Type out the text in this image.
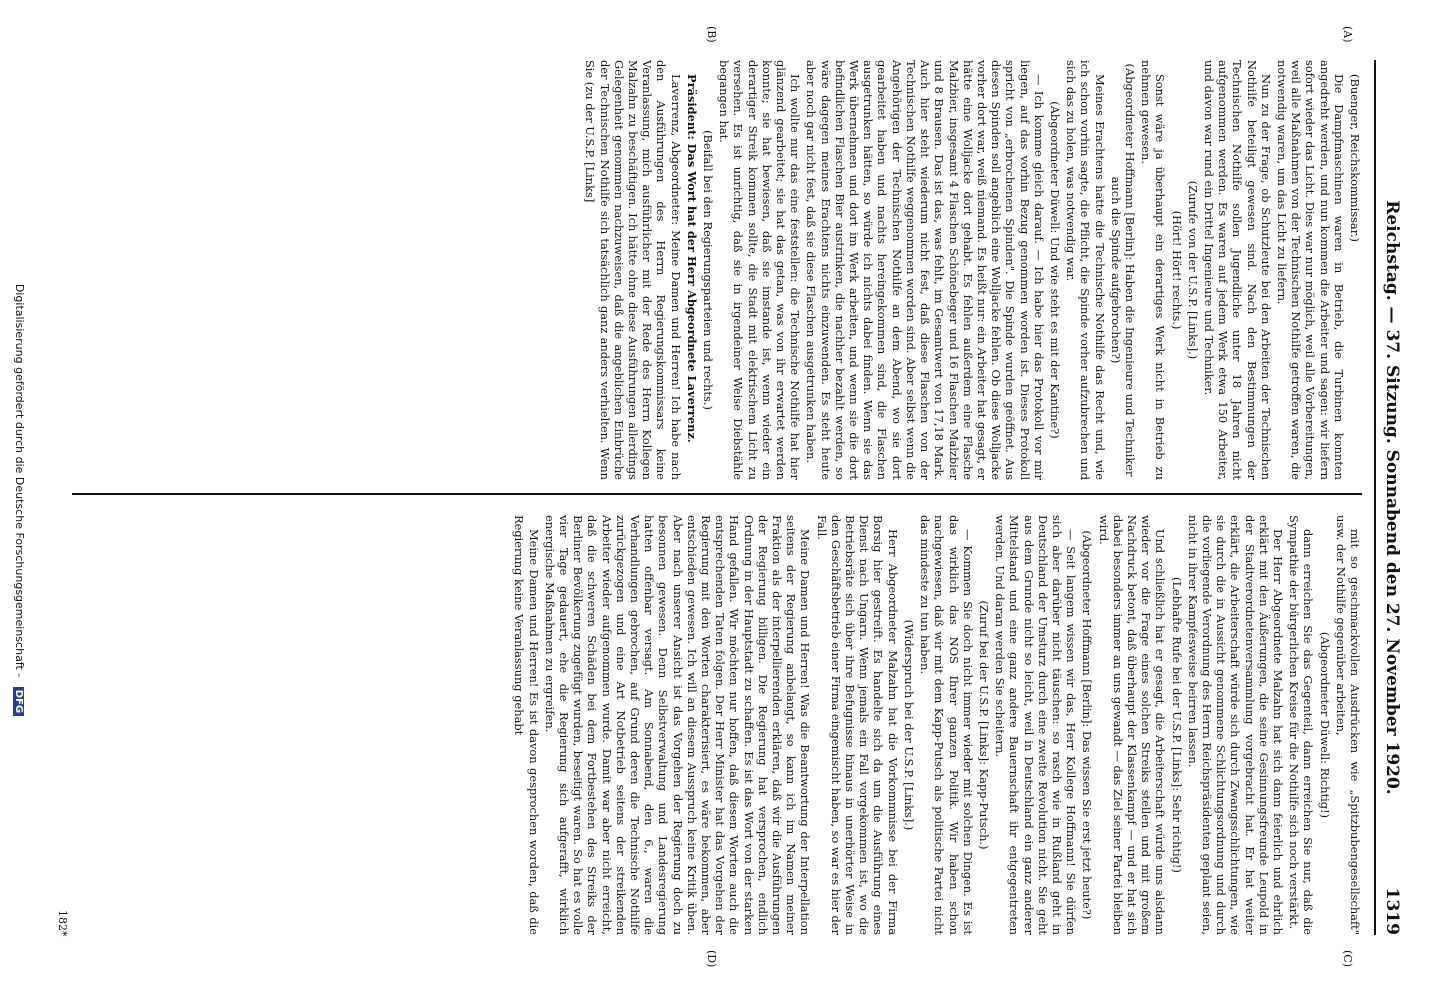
Reichstag. — 37. Sitzung. Sonnabend den 27. November 1920.
1319
(A)
(B)
(C)
(D)

(Buenger, Reichskommissar.)

Die Dampfmaschinen waren in Betrieb, die Turbinen konnten angedreht werden, und nun kommen die Arbeiter und sagen: wir liefern sofort wieder das Licht. Dies war nur möglich, weil alle Vorbereitungen, weil alle Maßnahmen von der Technischen Nothilfe getroffen waren, die notwendig waren, um das Licht zu liefern.

Nun zu der Frage, ob Schutzleute bei den Arbeiten der Technischen Nothilfe beteiligt gewesen sind. Nach den Bestimmungen der Technischen Nothilfe sollen Jugendliche unter 18 Jahren nicht aufgenommen werden. Es waren auf jedem Werk etwa 150 Arbeiter, und davon war rund ein Drittel Ingenieure und Techniker.

(Zurufe von der U.S.P. [Links].)

(Hört! Hört! rechts.)

Sonst wäre ja überhaupt ein derartiges Werk nicht in Betrieb zu nehmen gewesen.

(Abgeordneter Hoffmann [Berlin]: Haben die Ingenieure und Techniker auch die Spinde aufgebrochen?)

Meines Erachtens hatte die Technische Nothilfe das Recht und, wie ich schon vorhin sagte, die Pflicht, die Spinde vorher aufzubrechen und sich das zu holen, was notwendig war.

(Abgeordneter Düwell: Und wie steht es mit der Kantine?)

— Ich komme gleich darauf. — Ich habe hier das Protokoll vor mir liegen, auf das vorhin Bezug genommen worden ist. Dieses Protokoll spricht von „erbrochenen Spinden". Die Spinde wurden geöffnet. Aus diesen Spinden soll angeblich eine Wolljacke fehlen. Ob diese Wolljacke vorher dort war, weiß niemand. Es heißt nur: ein Arbeiter hat gesagt, er hätte eine Wolljacke dort gehabt. Es fehlen außerdem eine Flasche Malzbier, insgesamt 4 Flaschen Schönebeger und 16 Flaschen Malzbier und 8 Brausen. Das ist das, was fehlt, im Gesamtwert von 17,18 Mark. Auch hier steht wiederum nicht fest, daß diese Flaschen von der Technischen Nothilfe weggenommen worden sind. Aber selbst wenn die Angehörigen der Technischen Nothilfe an dem Abend, wo sie dort gearbeitet haben und nachts hereingekommen sind, die Flaschen ausgetrunken hätten, so würde ich nichts dabei finden. Wenn sie das Werk übernehmen und dort im Werk arbeiten, und wenn sie die dort befindlichen Flaschen Bier austrinken, die nachher bezahlt werden, so wäre dagegen meines Erachtens nichts einzuwenden. Es steht heute aber noch gar nicht fest, daß sie diese Flaschen ausgetrunken haben.

Ich wollte nur das eine feststellen: die Technische Nothilfe hat hier glänzend gearbeitet; sie hat das getan, was von ihr erwartet werden konnte; sie hat bewiesen, daß sie imstande ist, wenn wieder ein derartiger Streik kommen sollte, die Stadt mit elektrischem Licht zu versehen. Es ist unrichtig, daß sie in irgendeiner Weise Diebstähle begangen hat.

(Beifall bei den Regierungsparteien und rechts.)

Präsident: Das Wort hat der Herr Abgeordnete Laverrenz.

Laverrenz, Abgeordneter: Meine Damen und Herren! Ich habe nach den Ausführungen des Herrn Regierungskommissars keine Veranlassung, mich ausführlicher mit der Rede des Herrn Kollegen Malzahn zu beschäftigen. Ich hätte ohne diese Ausführungen allerdings Gelegenheit genommen nachzuweisen, daß die angeblichen Einbrüche der Technischen Nothilfe sich tatsächlich ganz anders verhielten. Wenn Sie (zu der U.S.P. [Links]

mit so geschmackvollen Ausdrücken wie „Spitzbubengesellschaft" usw. der Nothilfe gegenüber arbeiten,

(Abgeordneter Düwell: Richtig!)

dann erreichen Sie das Gegenteil, dann erreichen Sie nur, daß die Sympathie der bürgerlichen Kreise für die Nothilfe sich noch verstärkt.

Der Herr Abgeordnete Malzahn hat sich dann feierlich und ehrlich erklärt mit den Äußerungen, die seine Gesinnungsfreunde Leupold in der Stadtverordnetenversammlung vorgebracht hat. Er hat weiter erklärt, die Arbeiterschaft würde sich durch Zwangsschlichtungen, wie sie durch die in Aussicht genommene Schlichtungsordnung und durch die vorliegende Verordnung des Herrn Reichspräsidenten geplant seien, nicht in ihrer Kampfesweise beirren lassen.

(Lebhafte Rufe bei der U.S.P. [Links]: Sehr richtig!)

Und schließlich hat er gesagt, die Arbeiterschaft würde uns alsdann wieder vor die Frage eines solchen Streiks stellen und mit großem Nachdruck betont, daß überhaupt der Klassenkampf — und er hat sich dabei besonders immer an uns gewandt — das Ziel seiner Partei bleiben wird.

(Abgeordneter Hoffmann [Berlin]: Das wissen Sie erst jetzt heute?)

— Seit langem wissen wir das, Herr Kollege Hoffmann! Sie dürfen sich aber darüber nicht täuschen: so rasch wie in Rußland geht in Deutschland der Umsturz durch eine zweite Revolution nicht. Sie geht aus dem Grunde nicht so leicht, weil in Deutschland ein ganz anderer Mittelstand und eine ganz andere Bauernschaft ihr entgegentreten werden. Und daran werden Sie scheitern.

(Zuruf bei der U.S.P. [Links]: Kapp-Putsch.)

— Kommen Sie doch nicht immer wieder mit solchen Dingen. Es ist das wirklich das NOS Ihrer ganzen Politik. Wir haben schon nachgewiesen, daß wir mit dem Kapp-Putsch als politische Partei nicht das mindeste zu tun haben.

(Widerspruch bei der U.S.P. [Links].)

Herr Abgeordneter Malzahn hat die Vorkommnisse bei der Firma Borsig hier gestreift. Es handelte sich da um die Ausführung eines Dienst nach Ungarn. Wenn jemals ein Fall vorgekommen ist, wo die Betriebsräte sich über ihre Befugnisse hinaus in unerhörter Weise in den Geschäftsbetrieb einer Firma eingemischt haben, so war es hier der Fall.

Meine Damen und Herren! Was die Beantwortung der Interpellation seitens der Regierung anbelangt, so kann ich im Namen meiner Fraktion als der interpellierenden erklären, daß wir die Ausführungen der Regierung billigen. Die Regierung hat versprochen, endlich Ordnung in der Hauptstadt zu schaffen. Es ist das Wort von der starken Hand gefallen. Wir möchten nur hoffen, daß diesen Worten auch die entsprechenden Taten folgen. Der Herr Minister hat das Vorgehen der Regierung mit den Worten charakterisiert, es wäre bekommen, aber entschieden gewesen. Ich will an diesem Ausspruch keine Kritik üben. Aber nach unserer Ansicht ist das Vorgehen der Regierung doch zu besonnen gewesen. Denn Selbstverwaltung und Landesregierung hatten offenbar versagt. Am Sonnabend, den 6., waren die Verhandlungen gebrochen, auf Grund deren die Technische Nothilfe zurückgezogen und eine Art Notbetrieb seitens der streikenden Arbeiter wieder aufgenommen wurde. Damit war aber nicht erreicht, daß die schweren Schäden bei dem Fortbestehen des Streiks der Berliner Bevölkerung zugefügt wurden, beseitigt waren. So hat es volle vier Tage gedauert, ehe die Regierung sich aufgerafft, wirklich energische Maßnahmen zu ergreifen.

Meine Damen und Herren! Es ist davon gesprochen worden, daß die Regierung keine Veranlassung gehabt

182*
Digitalisierung gefördert durch die Deutsche Forschungsgemeinschaft - DFG
